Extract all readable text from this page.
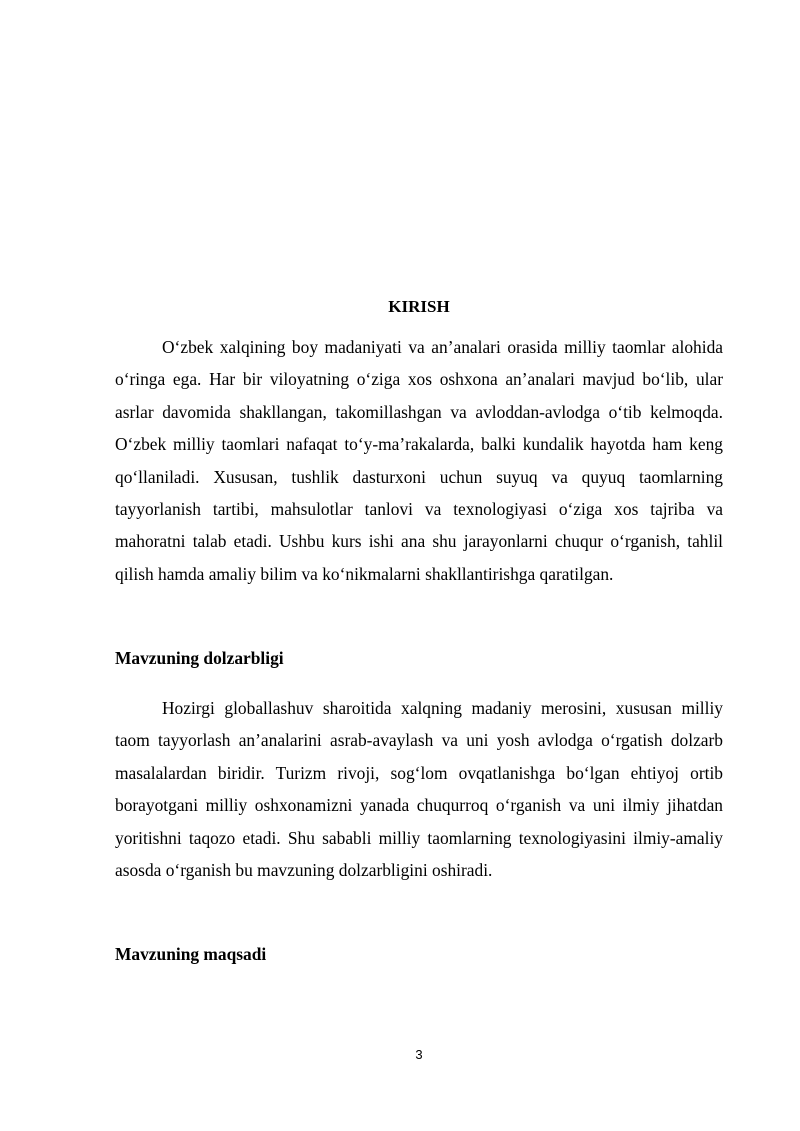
KIRISH

O‘zbek xalqining boy madaniyati va an’analari orasida milliy taomlar alohida o‘ringa ega. Har bir viloyatning o‘ziga xos oshxona an’analari mavjud bo‘lib, ular asrlar davomida shakllangan, takomillashgan va avloddan-avlodga o‘tib kelmoqda. O‘zbek milliy taomlari nafaqat to‘y-ma’rakalarda, balki kundalik hayotda ham keng qo‘llaniladi. Xususan, tushlik dasturxoni uchun suyuq va quyuq taomlarning tayyorlanish tartibi, mahsulotlar tanlovi va texnologiyasi o‘ziga xos tajriba va mahoratni talab etadi. Ushbu kurs ishi ana shu jarayonlarni chuqur o‘rganish, tahlil qilish hamda amaliy bilim va ko‘nikmalarni shakllantirishga qaratilgan.

Mavzuning dolzarbligi

Hozirgi globallashuv sharoitida xalqning madaniy merosini, xususan milliy taom tayyorlash an’analarini asrab-avaylash va uni yosh avlodga o‘rgatish dolzarb masalalardan biridir. Turizm rivoji, sog‘lom ovqatlanishga bo‘lgan ehtiyoj ortib borayotgani milliy oshxonamizni yanada chuqurroq o‘rganish va uni ilmiy jihatdan yoritishni taqozo etadi. Shu sababli milliy taomlarning texnologiyasini ilmiy-amaliy asosda o‘rganish bu mavzuning dolzarbligini oshiradi.

Mavzuning maqsadi
3
